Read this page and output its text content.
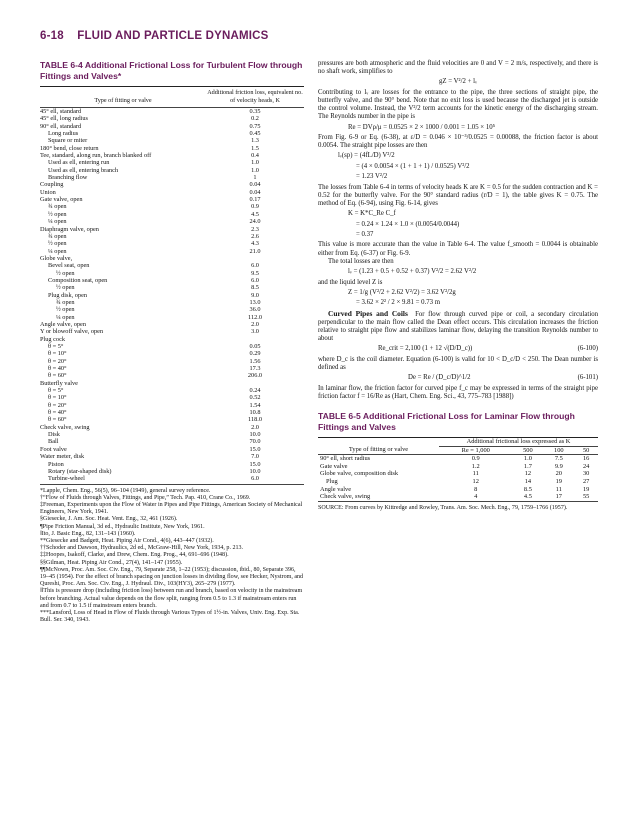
6-18 FLUID AND PARTICLE DYNAMICS
TABLE 6-4 Additional Frictional Loss for Turbulent Flow through Fittings and Valves*
Type of fitting or valve
Additional friction loss, equivalent no. of velocity heads, K
45° ell, standard	0.35
45° ell, long radius	0.2
90° ell, standard	0.75
Long radius	0.45
Square or miter	1.3
180° bend, close return	1.5
Tee, standard, along run, branch blanked off	0.4
Used as ell, entering run	1.0
Used as ell, entering branch	1.0
Branching flow	1
Coupling	0.04
Union	0.04
Gate valve, open	0.17
¾ open	0.9
½ open	4.5
¼ open	24.0
Diaphragm valve, open	2.3
¾ open	2.6
½ open	4.3
¼ open	21.0
Globe valve,
Bevel seat, open	6.0
½ open	9.5
Composition seat, open	6.0
½ open	8.5
Plug disk, open	9.0
¾ open	13.0
½ open	36.0
¼ open	112.0
Angle valve, open	2.0
Y or blowoff valve, open	3.0
Plug cock
θ = 5°	0.05
θ = 10°	0.29
θ = 20°	1.56
θ = 40°	17.3
θ = 60°	206.0
Butterfly valve
θ = 5°	0.24
θ = 10°	0.52
θ = 20°	1.54
θ = 40°	10.8
θ = 60°	118.0
Check valve, swing	2.0
Disk	10.0
Ball	70.0
Foot valve	15.0
Water meter, disk	7.0
Piston	15.0
Rotary (star-shaped disk)	10.0
Turbine-wheel	6.0

*Lapple, Chem. Eng., 56(5), 96–104 (1949), general survey reference.

†“Flow of Fluids through Valves, Fittings, and Pipe,” Tech. Pap. 410, Crane Co., 1969.

‡Freeman, Experiments upon the Flow of Water in Pipes and Pipe Fittings, American Society of Mechanical Engineers, New York, 1941.

§Giesecke, J. Am. Soc. Heat. Vent. Eng., 32, 461 (1926).

¶Pipe Friction Manual, 3d ed., Hydraulic Institute, New York, 1961.

‖Ito, J. Basic Eng., 82, 131–143 (1960).

**Giesecke and Badgett, Heat. Piping Air Cond., 4(6), 443–447 (1932).

††Schoder and Dawson, Hydraulics, 2d ed., McGraw-Hill, New York, 1934, p. 213.

‡‡Hoopes, Isakoff, Clarke, and Drew, Chem. Eng. Prog., 44, 691–696 (1948).

§§Gilman, Heat. Piping Air Cond., 27(4), 141–147 (1955).

¶¶McNown, Proc. Am. Soc. Civ. Eng., 79, Separate 258, 1–22 (1953); discussion, ibid., 80, Separate 396, 19–45 (1954). For the effect of branch spacing on junction losses in dividing flow, see Hecker, Nystrom, and Qureshi, Proc. Am. Soc. Civ. Eng., J. Hydraul. Div., 103(HY3), 265–279 (1977).

‖‖This is pressure drop (including friction loss) between run and branch, based on velocity in the mainstream before branching. Actual value depends on the flow split, ranging from 0.5 to 1.3 if mainstream enters run and from 0.7 to 1.5 if mainstream enters branch.

***Lansford, Loss of Head in Flow of Fluids through Various Types of 1½-in. Valves, Univ. Eng. Exp. Sta. Bull. Ser. 340, 1943.

pressures are both atmospheric and the fluid velocities are 0 and V = 2 m/s, respectively, and there is no shaft work, simplifies to

gZ = V²/2 + lᵥ

Contributing to lᵥ are losses for the entrance to the pipe, the three sections of straight pipe, the butterfly valve, and the 90° bend. Note that no exit loss is used because the discharged jet is outside the control volume. Instead, the V²/2 term accounts for the kinetic energy of the discharging stream. The Reynolds number in the pipe is

Re = DVρ/μ = 0.0525 × 2 × 1000 / 0.001 = 1.05 × 10⁵

From Fig. 6-9 or Eq. (6-38), at ε/D = 0.046 × 10⁻³/0.0525 = 0.00088, the friction factor is about 0.0054. The straight pipe losses are then

lᵥ(sp) = (4fL/D) V²/2
= (4 × 0.0054 × (1 + 1 + 1) / 0.0525) V²/2
= 1.23 V²/2

The losses from Table 6-4 in terms of velocity heads K are K = 0.5 for the sudden contraction and K = 0.52 for the butterfly valve. For the 90° standard radius (r/D = 1), the table gives K = 0.75. The method of Eq. (6-94), using Fig. 6-14, gives

K = K*C_Re C_f
= 0.24 × 1.24 × 1.0 × (0.0054/0.0044)
= 0.37

This value is more accurate than the value in Table 6-4. The value f_smooth = 0.0044 is obtainable either from Eq. (6-37) or Fig. 6-9.

The total losses are then

lᵥ = (1.23 + 0.5 + 0.52 + 0.37) V²/2 = 2.62 V²/2

and the liquid level Z is

Z = 1/g (V²/2 + 2.62 V²/2) = 3.62 V²/2g
= 3.62 × 2² / 2 × 9.81 = 0.73 m

Curved Pipes and Coils For flow through curved pipe or coil, a secondary circulation perpendicular to the main flow called the Dean effect occurs. This circulation increases the friction relative to straight pipe flow and stabilizes laminar flow, delaying the transition Reynolds number to about

Re_crit = 2,100 (1 + 12 √(D/D_c))	(6-100)

where D_c is the coil diameter. Equation (6-100) is valid for 10 < D_c/D < 250. The Dean number is defined as

De = Re / (D_c/D)^1/2	(6-101)

In laminar flow, the friction factor for curved pipe f_c may be expressed in terms of the straight pipe friction factor f = 16/Re as (Hart, Chem. Eng. Sci., 43, 775–783 [1988])

TABLE 6-5 Additional Frictional Loss for Laminar Flow through Fittings and Valves
	Additional frictional loss expressed as K			
Type of fitting or valve	Re = 1,000	500	100	50
90° ell, short radius	0.9	1.0	7.5	16
Gate valve	1.2	1.7	9.9	24
Globe valve, composition disk	11	12	20	30
Plug	12	14	19	27
Angle valve	8	8.5	11	19
Check valve, swing	4	4.5	17	55
SOURCE: From curves by Kittredge and Rowley, Trans. Am. Soc. Mech. Eng., 79, 1759–1766 (1957).
